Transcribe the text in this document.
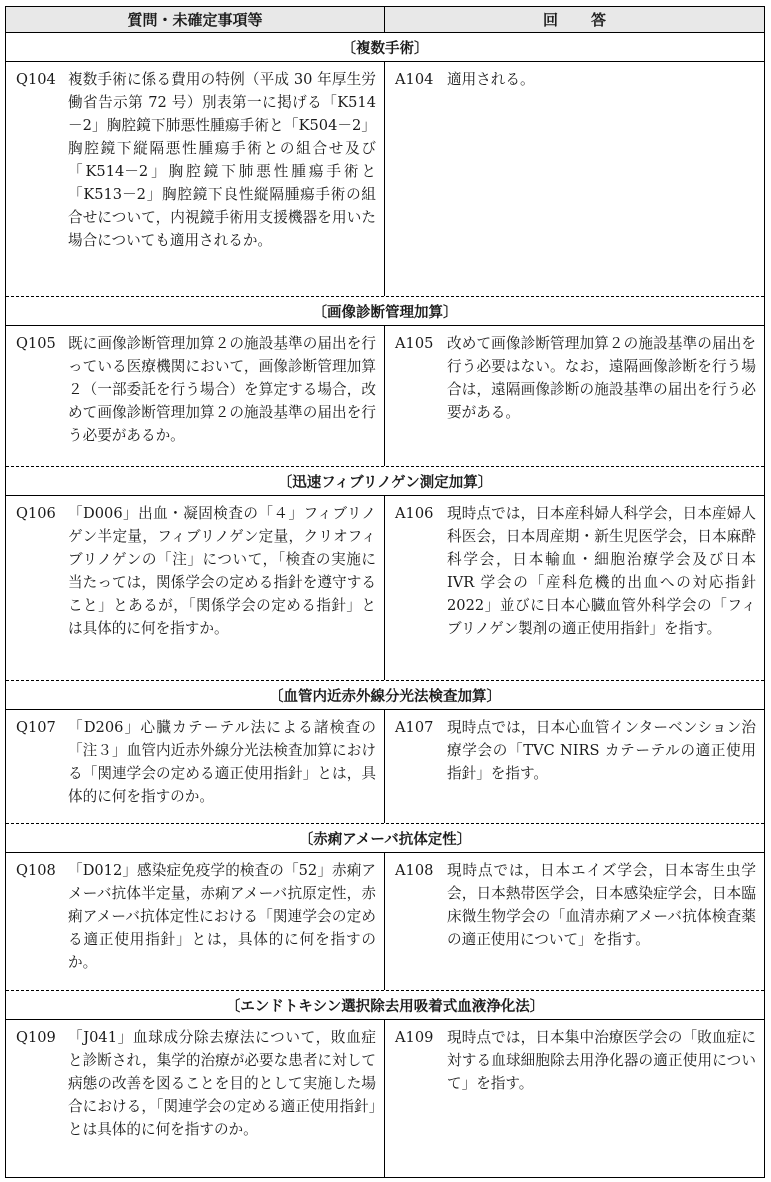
質問・未確定事項等	回答
〔複数手術〕
Q104 複数手術に係る費用の特例（平成 30 年厚生労働省告示第 72 号）別表第一に掲げる「K514－2」胸腔鏡下肺悪性腫瘍手術と「K504－2」胸腔鏡下縦隔悪性腫瘍手術との組合せ及び「K514－2」胸腔鏡下肺悪性腫瘍手術と「K513－2」胸腔鏡下良性縦隔腫瘍手術の組合せについて，内視鏡手術用支援機器を用いた場合についても適用されるか。
A104 適用される。
〔画像診断管理加算〕
Q105 既に画像診断管理加算２の施設基準の届出を行っている医療機関において，画像診断管理加算２（一部委託を行う場合）を算定する場合，改めて画像診断管理加算２の施設基準の届出を行う必要があるか。
A105 改めて画像診断管理加算２の施設基準の届出を行う必要はない。なお，遠隔画像診断を行う場合は，遠隔画像診断の施設基準の届出を行う必要がある。
〔迅速フィブリノゲン測定加算〕
Q106 「D006」出血・凝固検査の「４」フィブリノゲン半定量，フィブリノゲン定量，クリオフィブリノゲンの「注」について，「検査の実施に当たっては，関係学会の定める指針を遵守すること」とあるが，「関係学会の定める指針」とは具体的に何を指すか。
A106 現時点では，日本産科婦人科学会，日本産婦人科医会，日本周産期・新生児医学会，日本麻酔科学会，日本輸血・細胞治療学会及び日本 IVR 学会の「産科危機的出血への対応指針 2022」並びに日本心臓血管外科学会の「フィブリノゲン製剤の適正使用指針」を指す。
〔血管内近赤外線分光法検査加算〕
Q107 「D206」心臓カテーテル法による諸検査の「注３」血管内近赤外線分光法検査加算における「関連学会の定める適正使用指針」とは，具体的に何を指すのか。
A107 現時点では，日本心血管インターベンション治療学会の「TVC NIRS カテーテルの適正使用指針」を指す。
〔赤痢アメーバ抗体定性〕
Q108 「D012」感染症免疫学的検査の「52」赤痢アメーバ抗体半定量，赤痢アメーバ抗原定性，赤痢アメーバ抗体定性における「関連学会の定める適正使用指針」とは，具体的に何を指すのか。
A108 現時点では，日本エイズ学会，日本寄生虫学会，日本熱帯医学会，日本感染症学会，日本臨床微生物学会の「血清赤痢アメーバ抗体検査薬の適正使用について」を指す。
〔エンドトキシン選択除去用吸着式血液浄化法〕
Q109 「J041」血球成分除去療法について，敗血症と診断され，集学的治療が必要な患者に対して病態の改善を図ることを目的として実施した場合における，「関連学会の定める適正使用指針」とは具体的に何を指すのか。
A109 現時点では，日本集中治療医学会の「敗血症に対する血球細胞除去用浄化器の適正使用について」を指す。
